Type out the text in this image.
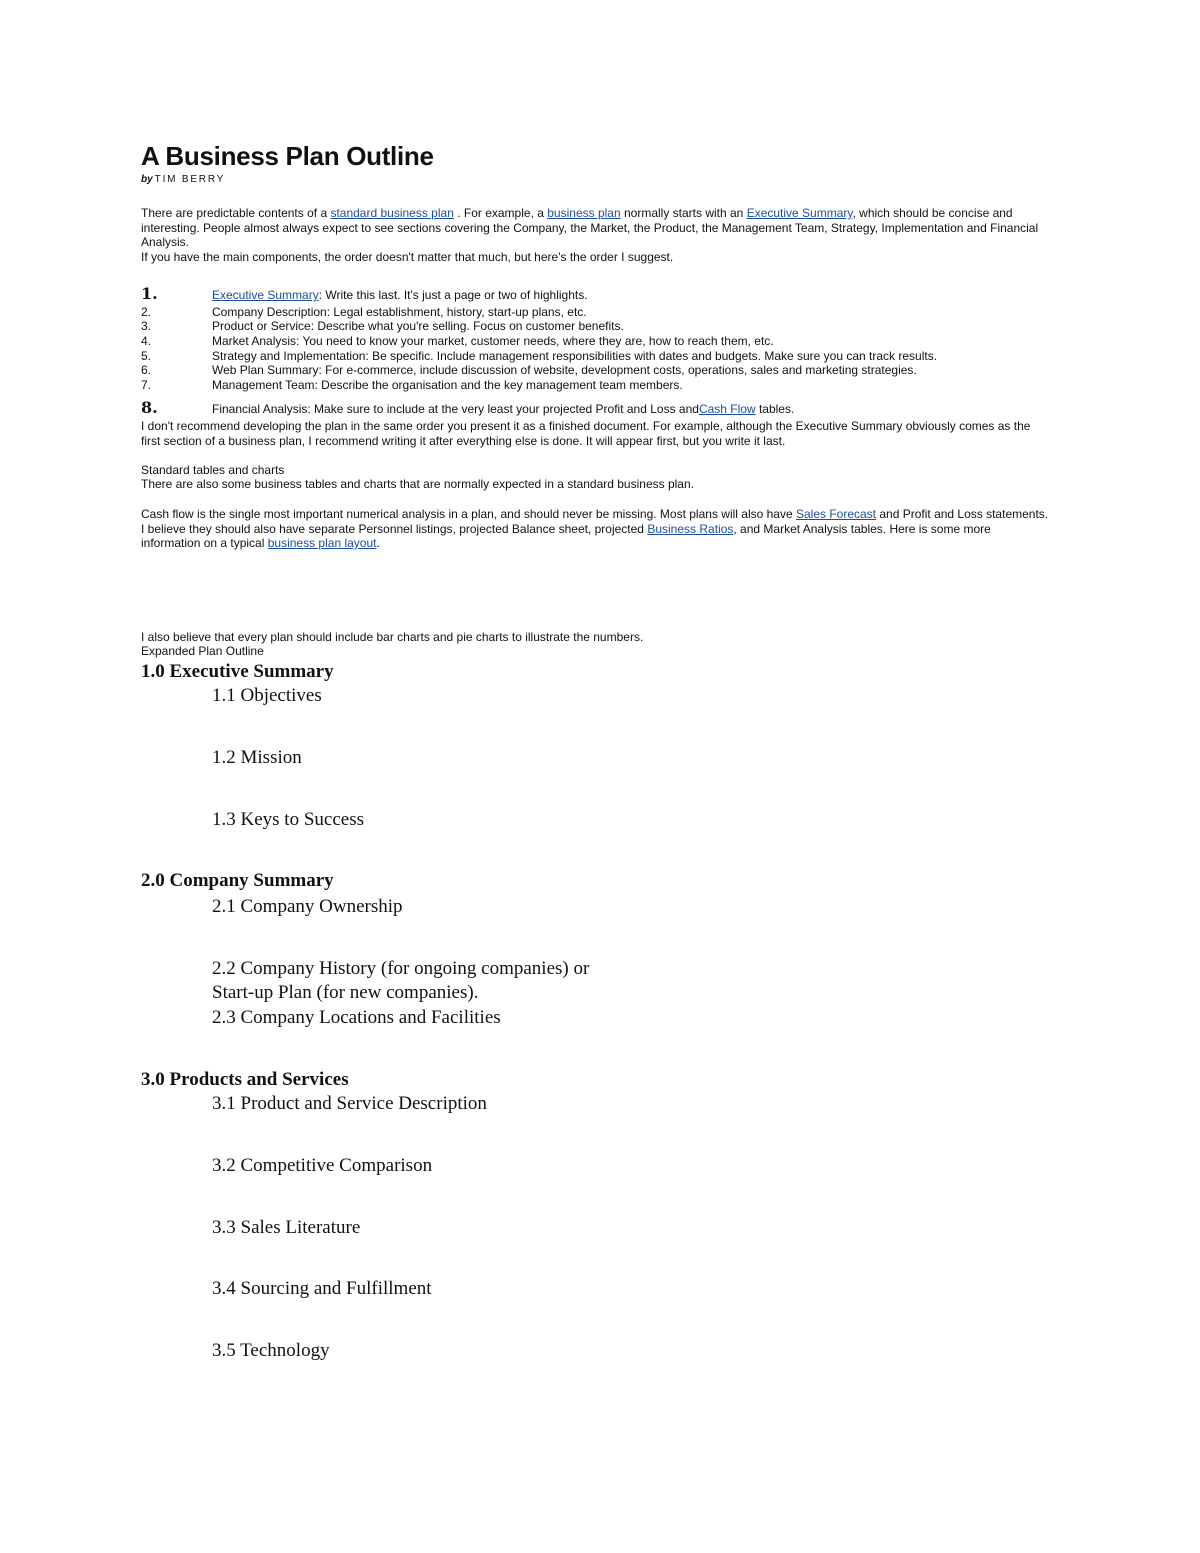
A Business Plan Outline
by TIM BERRY
There are predictable contents of a standard business plan . For example, a business plan normally starts with an Executive Summary, which should be concise and interesting. People almost always expect to see sections covering the Company, the Market, the Product, the Management Team, Strategy, Implementation and Financial Analysis.
If you have the main components, the order doesn't matter that much, but here's the order I suggest.
1.	Executive Summary: Write this last. It's just a page or two of highlights.
2.	Company Description: Legal establishment, history, start-up plans, etc.
3.	Product or Service: Describe what you're selling. Focus on customer benefits.
4.	Market Analysis: You need to know your market, customer needs, where they are, how to reach them, etc.
5.	Strategy and Implementation: Be specific. Include management responsibilities with dates and budgets. Make sure you can track results.
6.	Web Plan Summary: For e-commerce, include discussion of website, development costs, operations, sales and marketing strategies.
7.	Management Team: Describe the organisation and the key management team members.
8.	Financial Analysis: Make sure to include at the very least your projected Profit and Loss andCash Flow tables.
I don't recommend developing the plan in the same order you present it as a finished document. For example, although the Executive Summary obviously comes as the first section of a business plan, I recommend writing it after everything else is done. It will appear first, but you write it last.
Standard tables and charts
There are also some business tables and charts that are normally expected in a standard business plan.
Cash flow is the single most important numerical analysis in a plan, and should never be missing. Most plans will also have Sales Forecast and Profit and Loss statements. I believe they should also have separate Personnel listings, projected Balance sheet, projected Business Ratios, and Market Analysis tables. Here is some more information on a typical business plan layout.
I also believe that every plan should include bar charts and pie charts to illustrate the numbers.
Expanded Plan Outline
1.0 Executive Summary
1.1 Objectives
1.2 Mission
1.3 Keys to Success
2.0 Company Summary
2.1 Company Ownership
2.2 Company History (for ongoing companies) or
Start-up Plan (for new companies).
2.3 Company Locations and Facilities
3.0 Products and Services
3.1 Product and Service Description
3.2 Competitive Comparison
3.3 Sales Literature
3.4 Sourcing and Fulfillment
3.5 Technology
